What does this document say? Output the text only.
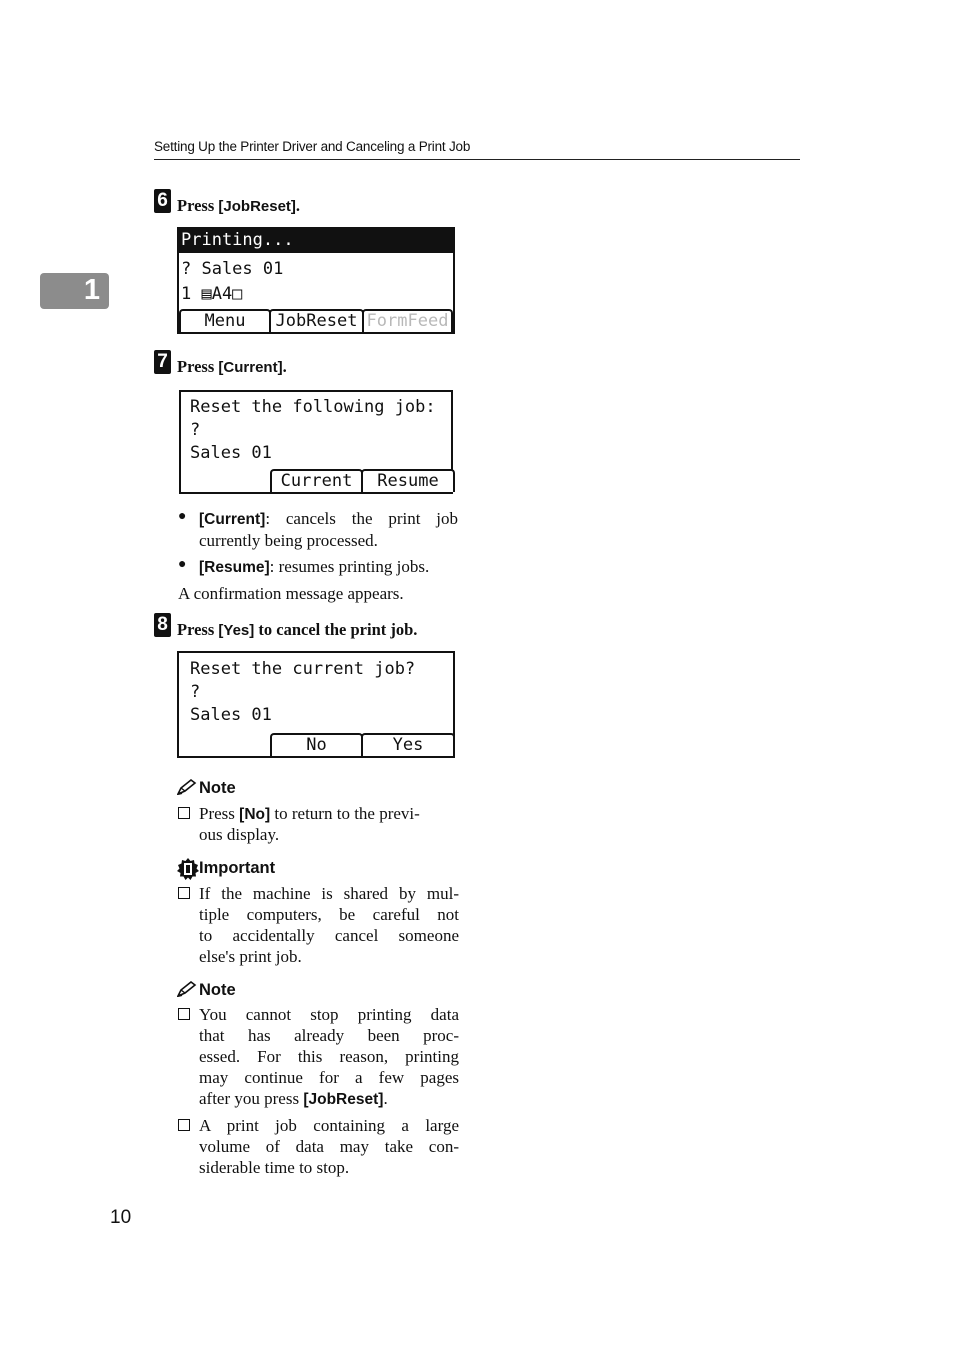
Setting Up the Printer Driver and Canceling a Print Job
1
6 Press [JobReset].
Printing...
? Sales 01
1 ▤A4□
Menu	JobReset FormFeed
7 Press [Current].
Reset the following job:
?
Sales 01
Current	Resume
● [Current]: cancels the print job currently being processed.
● [Resume]: resumes printing jobs.
A confirmation message appears.
8 Press [Yes] to cancel the print job.
Reset the current job?
?
Sales 01
No	Yes
Note
Press [No] to return to the previ-
ous display.
Important
If the machine is shared by mul-
tiple computers, be careful not
to accidentally cancel someone
else's print job.
Note
You cannot stop printing data
that has already been proc-
essed. For this reason, printing
may continue for a few pages
after you press [JobReset].
A print job containing a large
volume of data may take con-
siderable time to stop.
10
